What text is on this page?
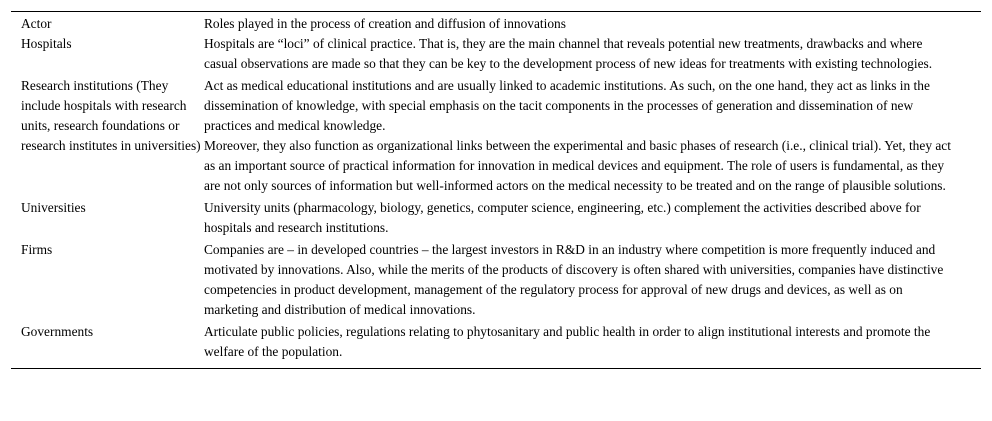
Actor	Roles played in the process of creation and diffusion of innovations
Hospitals	Hospitals are “loci” of clinical practice. That is, they are the main channel that reveals potential new treatments, drawbacks and where casual observations are made so that they can be key to the development process of new ideas for treatments with existing technologies.

Research institutions (They include hospitals with research units, research foundations or research institutes in universities)	Act as medical educational institutions and are usually linked to academic institutions. As such, on the one hand, they act as links in the dissemination of knowledge, with special emphasis on the tacit components in the processes of generation and dissemination of new practices and medical knowledge.
Moreover, they also function as organizational links between the experimental and basic phases of research (i.e., clinical trial). Yet, they act as an important source of practical information for innovation in medical devices and equipment. The role of users is fundamental, as they are not only sources of information but well-informed actors on the medical necessity to be treated and on the range of plausible solutions.

Universities	University units (pharmacology, biology, genetics, computer science, engineering, etc.) complement the activities described above for hospitals and research institutions.

Firms	Companies are – in developed countries – the largest investors in R&D in an industry where competition is more frequently induced and motivated by innovations. Also, while the merits of the products of discovery is often shared with universities, companies have distinctive competencies in product development, management of the regulatory process for approval of new drugs and devices, as well as on marketing and distribution of medical innovations.

Governments	Articulate public policies, regulations relating to phytosanitary and public health in order to align institutional interests and promote the welfare of the population.
